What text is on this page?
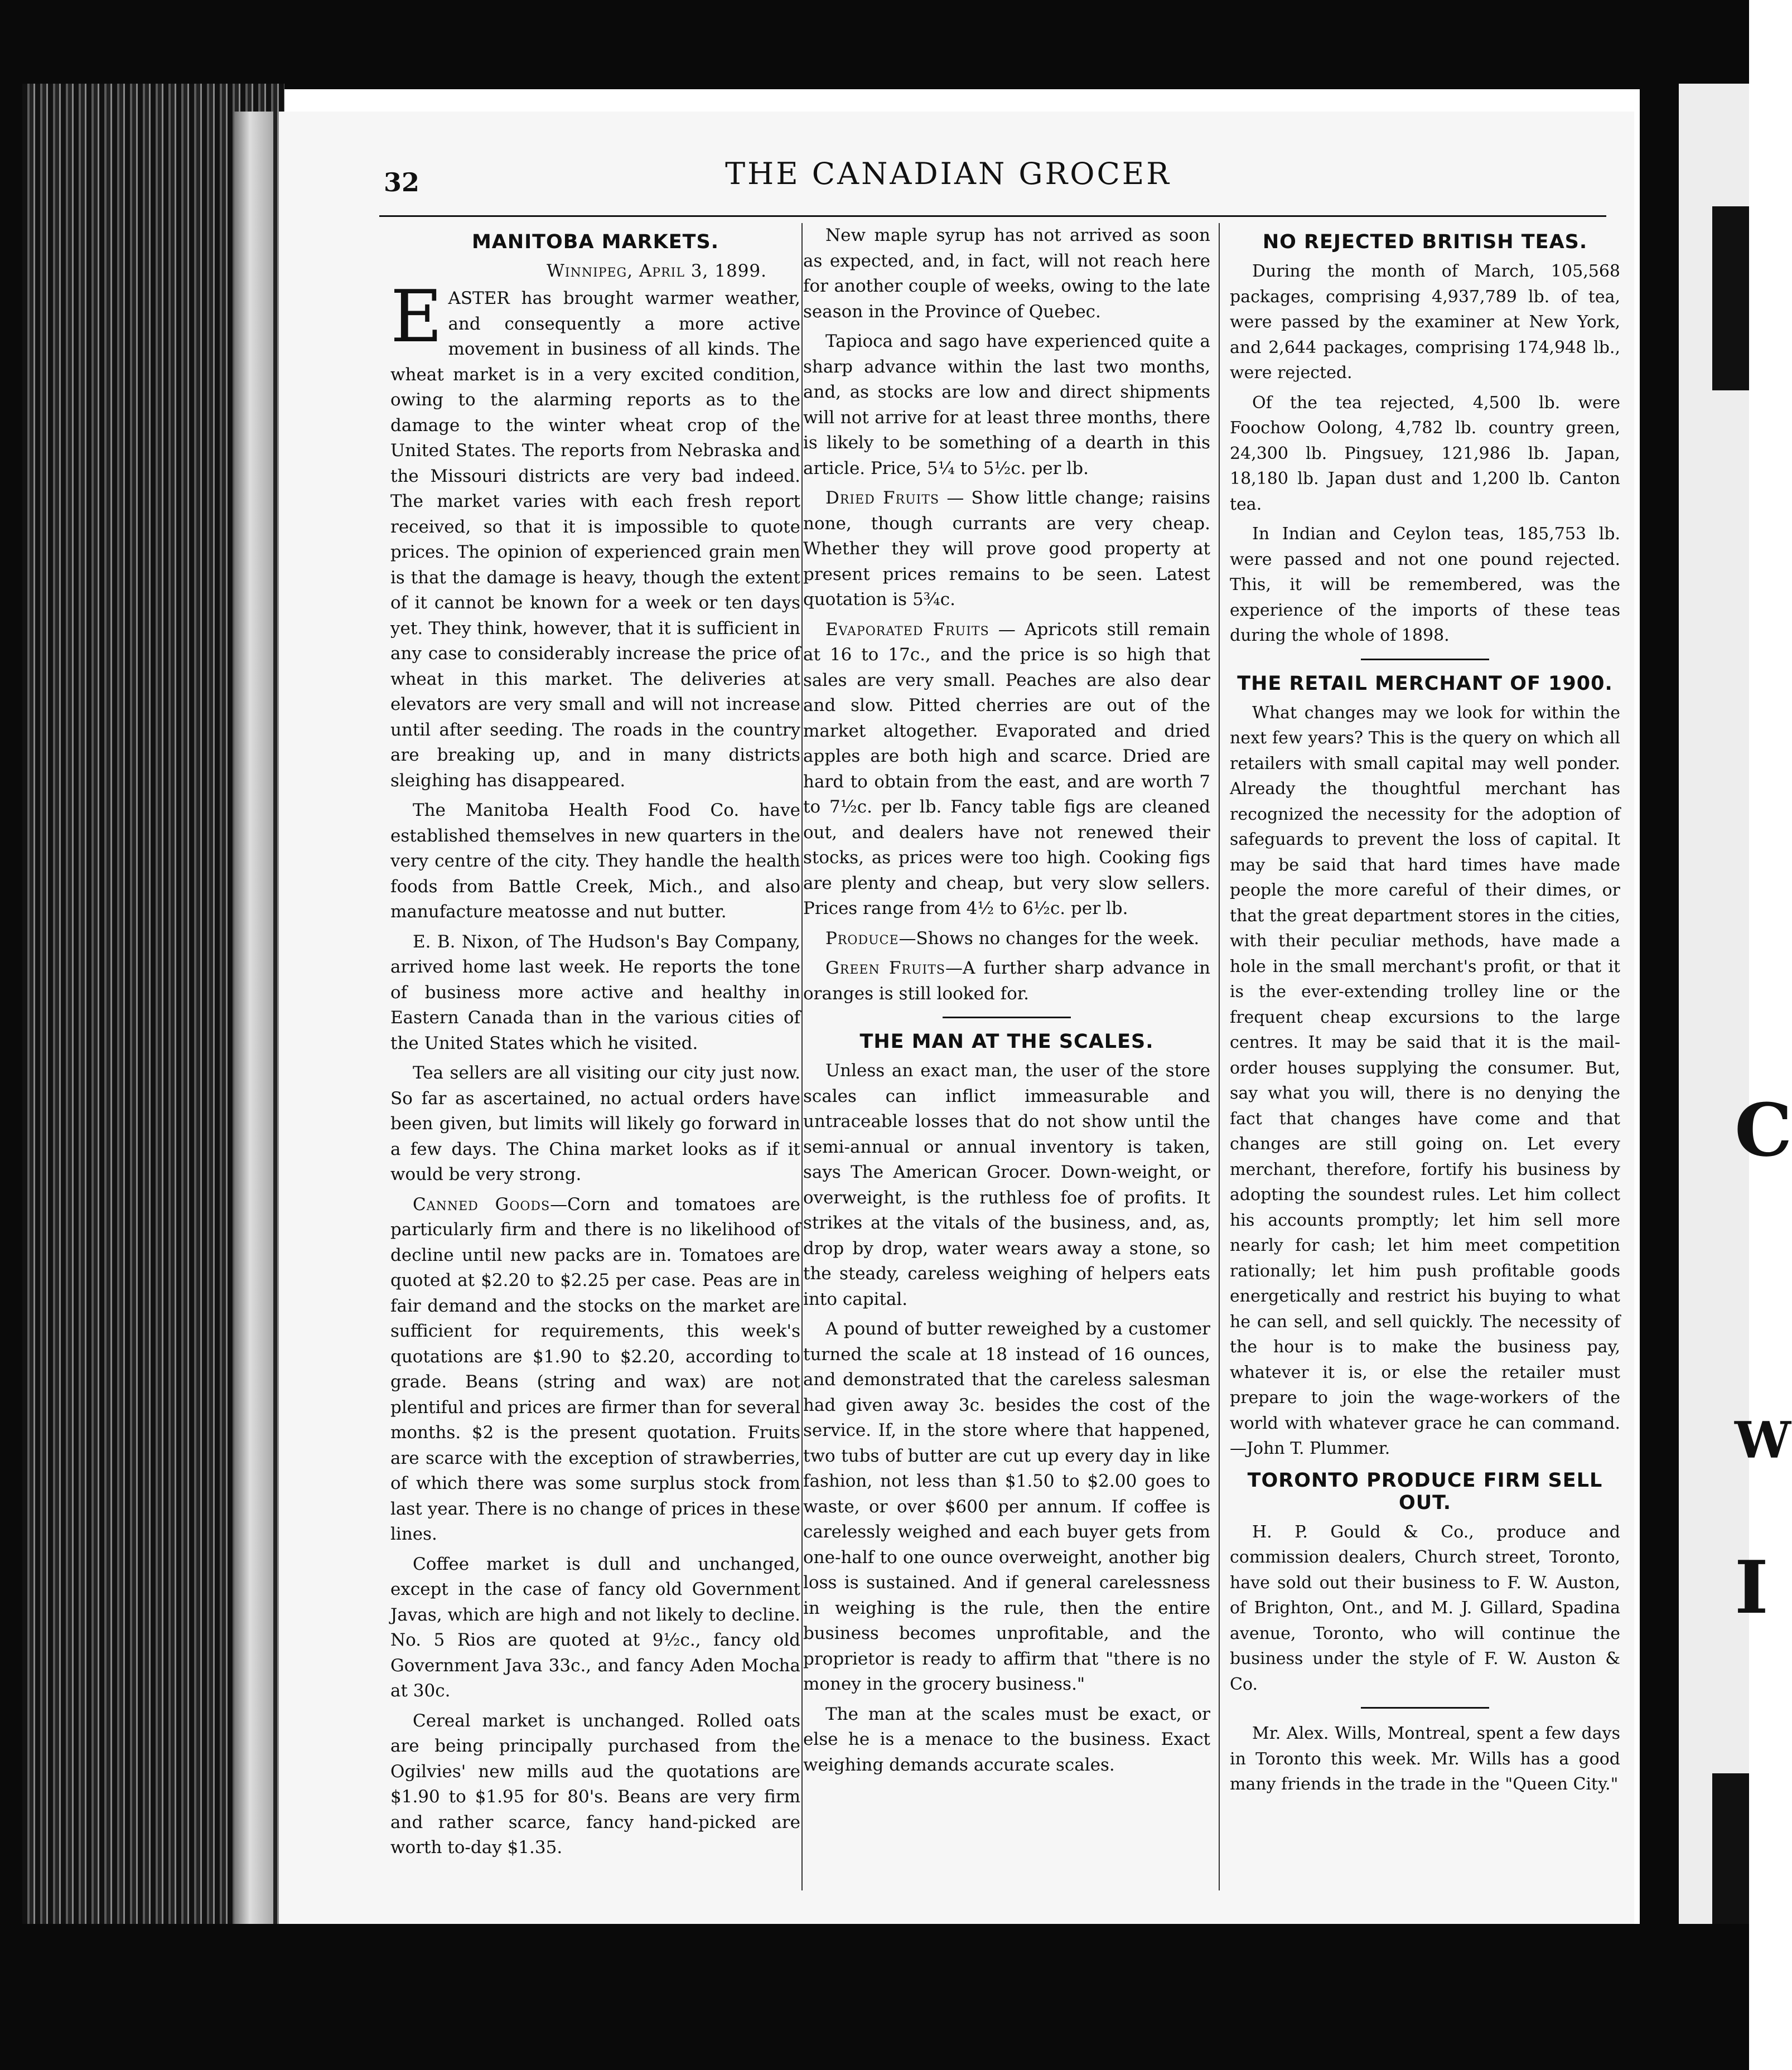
C
W
I
32	THE CANADIAN GROCER
MANITOBA MARKETS.
Winnipeg, April 3, 1899.

EASTER has brought warmer weather, and consequently a more active movement in business of all kinds. The wheat market is in a very excited condition, owing to the alarming reports as to the damage to the winter wheat crop of the United States. The reports from Nebraska and the Missouri districts are very bad indeed. The market varies with each fresh report received, so that it is impossible to quote prices. The opinion of experienced grain men is that the damage is heavy, though the extent of it cannot be known for a week or ten days yet. They think, however, that it is sufficient in any case to considerably increase the price of wheat in this market. The deliveries at elevators are very small and will not increase until after seeding. The roads in the country are breaking up, and in many districts sleighing has disappeared.

The Manitoba Health Food Co. have established themselves in new quarters in the very centre of the city. They handle the health foods from Battle Creek, Mich., and also manufacture meatosse and nut butter.

E. B. Nixon, of The Hudson's Bay Company, arrived home last week. He reports the tone of business more active and healthy in Eastern Canada than in the various cities of the United States which he visited.

Tea sellers are all visiting our city just now. So far as ascertained, no actual orders have been given, but limits will likely go forward in a few days. The China market looks as if it would be very strong.

Canned Goods—Corn and tomatoes are particularly firm and there is no likelihood of decline until new packs are in. Tomatoes are quoted at $2.20 to $2.25 per case. Peas are in fair demand and the stocks on the market are sufficient for requirements, this week's quotations are $1.90 to $2.20, according to grade. Beans (string and wax) are not plentiful and prices are firmer than for several months. $2 is the present quotation. Fruits are scarce with the exception of strawberries, of which there was some surplus stock from last year. There is no change of prices in these lines.

Coffee market is dull and unchanged, except in the case of fancy old Government Javas, which are high and not likely to decline. No. 5 Rios are quoted at 9½c., fancy old Government Java 33c., and fancy Aden Mocha at 30c.

Cereal market is unchanged. Rolled oats are being principally purchased from the Ogilvies' new mills aud the quotations are $1.90 to $1.95 for 80's. Beans are very firm and rather scarce, fancy hand-picked are worth to-day $1.35.

New maple syrup has not arrived as soon as expected, and, in fact, will not reach here for another couple of weeks, owing to the late season in the Province of Quebec.

Tapioca and sago have experienced quite a sharp advance within the last two months, and, as stocks are low and direct shipments will not arrive for at least three months, there is likely to be something of a dearth in this article. Price, 5¼ to 5½c. per lb.

Dried Fruits — Show little change; raisins none, though currants are very cheap. Whether they will prove good property at present prices remains to be seen. Latest quotation is 5¾c.

Evaporated Fruits — Apricots still remain at 16 to 17c., and the price is so high that sales are very small. Peaches are also dear and slow. Pitted cherries are out of the market altogether. Evaporated and dried apples are both high and scarce. Dried are hard to obtain from the east, and are worth 7 to 7½c. per lb. Fancy table figs are cleaned out, and dealers have not renewed their stocks, as prices were too high. Cooking figs are plenty and cheap, but very slow sellers. Prices range from 4½ to 6½c. per lb.

Produce—Shows no changes for the week.

Green Fruits—A further sharp advance in oranges is still looked for.

THE MAN AT THE SCALES.

Unless an exact man, the user of the store scales can inflict immeasurable and untraceable losses that do not show until the semi-annual or annual inventory is taken, says The American Grocer. Down-weight, or overweight, is the ruthless foe of profits. It strikes at the vitals of the business, and, as, drop by drop, water wears away a stone, so the steady, careless weighing of helpers eats into capital.

A pound of butter reweighed by a customer turned the scale at 18 instead of 16 ounces, and demonstrated that the careless salesman had given away 3c. besides the cost of the service. If, in the store where that happened, two tubs of butter are cut up every day in like fashion, not less than $1.50 to $2.00 goes to waste, or over $600 per annum. If coffee is carelessly weighed and each buyer gets from one-half to one ounce overweight, another big loss is sustained. And if general carelessness in weighing is the rule, then the entire business becomes unprofitable, and the proprietor is ready to affirm that "there is no money in the grocery business."

The man at the scales must be exact, or else he is a menace to the business. Exact weighing demands accurate scales.

NO REJECTED BRITISH TEAS.

During the month of March, 105,568 packages, comprising 4,937,789 lb. of tea, were passed by the examiner at New York, and 2,644 packages, comprising 174,948 lb., were rejected.

Of the tea rejected, 4,500 lb. were Foochow Oolong, 4,782 lb. country green, 24,300 lb. Pingsuey, 121,986 lb. Japan, 18,180 lb. Japan dust and 1,200 lb. Canton tea.

In Indian and Ceylon teas, 185,753 lb. were passed and not one pound rejected. This, it will be remembered, was the experience of the imports of these teas during the whole of 1898.

THE RETAIL MERCHANT OF 1900.

What changes may we look for within the next few years? This is the query on which all retailers with small capital may well ponder. Already the thoughtful merchant has recognized the necessity for the adoption of safeguards to prevent the loss of capital. It may be said that hard times have made people the more careful of their dimes, or that the great department stores in the cities, with their peculiar methods, have made a hole in the small merchant's profit, or that it is the ever-extending trolley line or the frequent cheap excursions to the large centres. It may be said that it is the mail-order houses supplying the consumer. But, say what you will, there is no denying the fact that changes have come and that changes are still going on. Let every merchant, therefore, fortify his business by adopting the soundest rules. Let him collect his accounts promptly; let him sell more nearly for cash; let him meet competition rationally; let him push profitable goods energetically and restrict his buying to what he can sell, and sell quickly. The necessity of the hour is to make the business pay, whatever it is, or else the retailer must prepare to join the wage-workers of the world with whatever grace he can command.—John T. Plummer.

TORONTO PRODUCE FIRM SELL OUT.

H. P. Gould & Co., produce and commission dealers, Church street, Toronto, have sold out their business to F. W. Auston, of Brighton, Ont., and M. J. Gillard, Spadina avenue, Toronto, who will continue the business under the style of F. W. Auston & Co.

Mr. Alex. Wills, Montreal, spent a few days in Toronto this week. Mr. Wills has a good many friends in the trade in the "Queen City."
